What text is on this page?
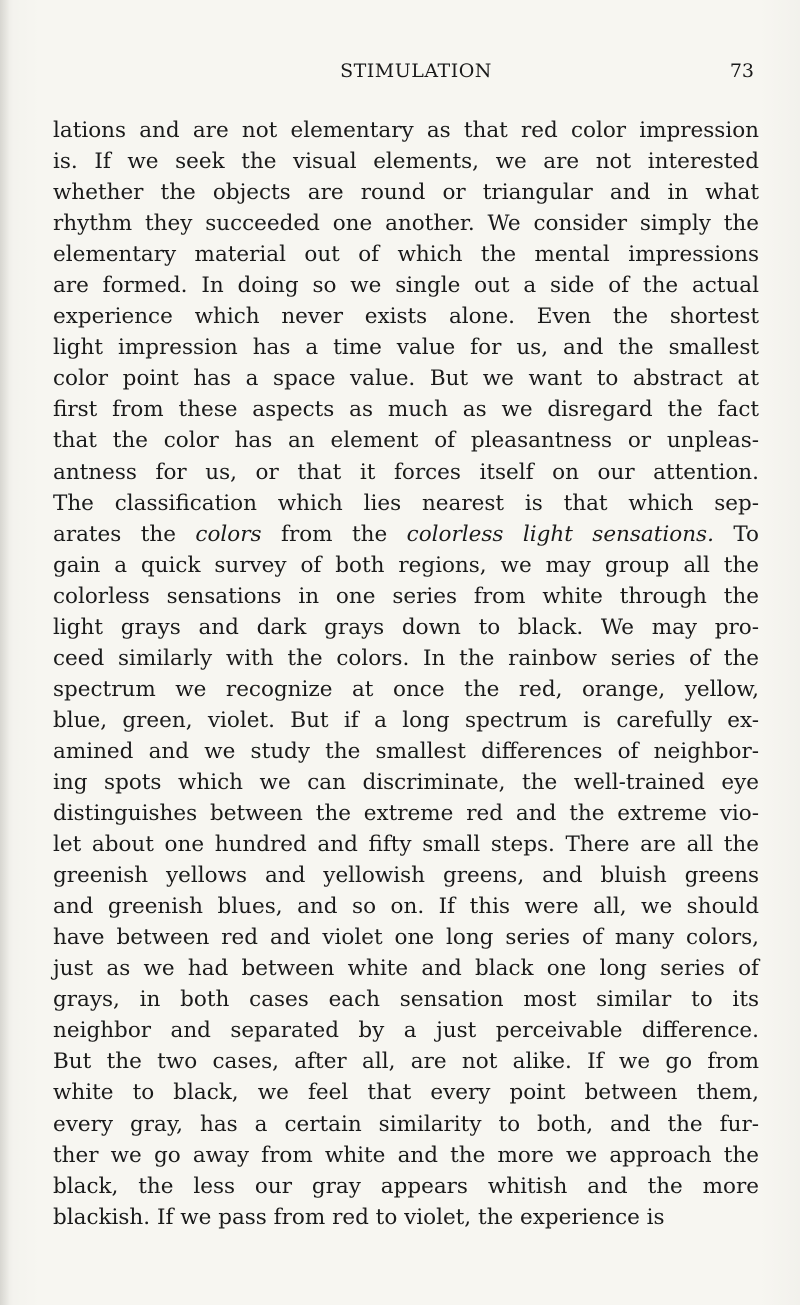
STIMULATION	73
lations and are not elementary as that red color impression
is. If we seek the visual elements, we are not interested
whether the objects are round or triangular and in what
rhythm they succeeded one another. We consider simply the
elementary material out of which the mental impressions
are formed. In doing so we single out a side of the actual
experience which never exists alone. Even the shortest
light impression has a time value for us, and the smallest
color point has a space value. But we want to abstract at
first from these aspects as much as we disregard the fact
that the color has an element of pleasantness or unpleas-
antness for us, or that it forces itself on our attention.
The classification which lies nearest is that which sep-
arates the colors from the colorless light sensations. To
gain a quick survey of both regions, we may group all the
colorless sensations in one series from white through the
light grays and dark grays down to black. We may pro-
ceed similarly with the colors. In the rainbow series of the
spectrum we recognize at once the red, orange, yellow,
blue, green, violet. But if a long spectrum is carefully ex-
amined and we study the smallest differences of neighbor-
ing spots which we can discriminate, the well-trained eye
distinguishes between the extreme red and the extreme vio-
let about one hundred and fifty small steps. There are all the
greenish yellows and yellowish greens, and bluish greens
and greenish blues, and so on. If this were all, we should
have between red and violet one long series of many colors,
just as we had between white and black one long series of
grays, in both cases each sensation most similar to its
neighbor and separated by a just perceivable difference.
But the two cases, after all, are not alike. If we go from
white to black, we feel that every point between them,
every gray, has a certain similarity to both, and the fur-
ther we go away from white and the more we approach the
black, the less our gray appears whitish and the more
blackish. If we pass from red to violet, the experience is
